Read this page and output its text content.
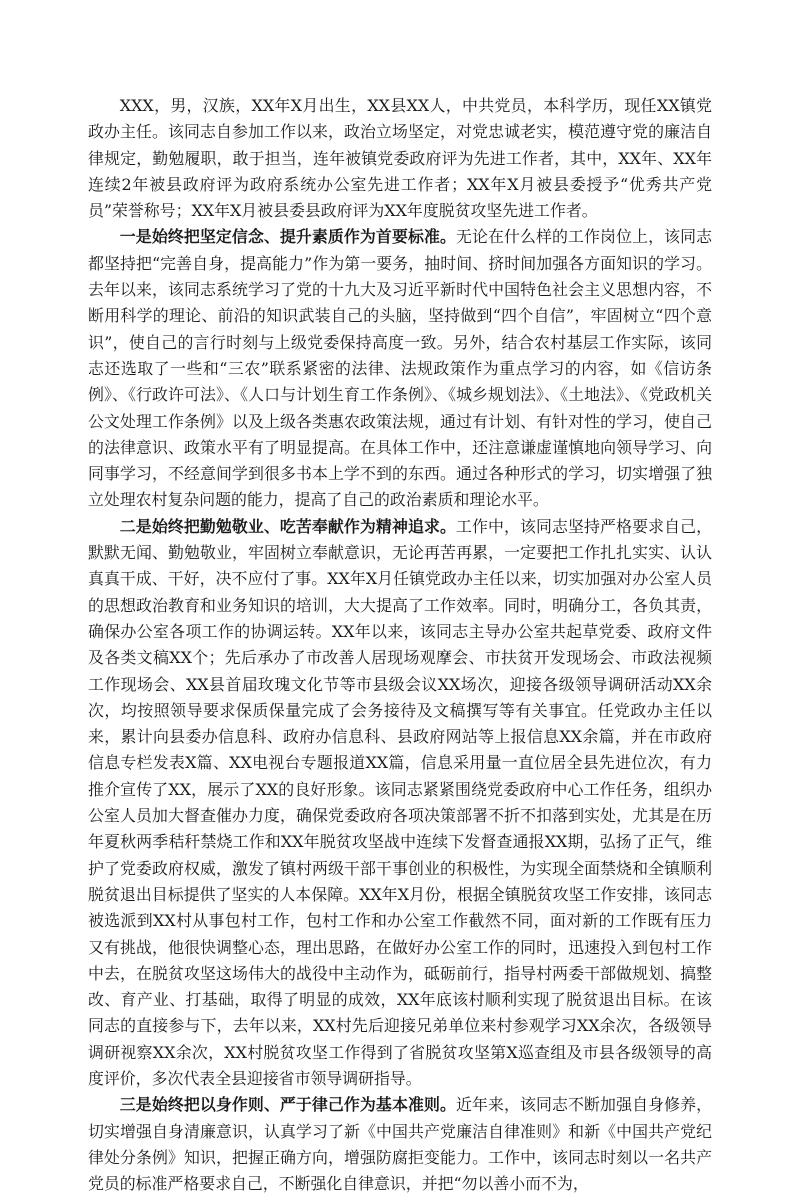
XXX，男，汉族，XX年X月出生，XX县XX人，中共党员，本科学历，现任XX镇党政办主任。该同志自参加工作以来，政治立场坚定，对党忠诚老实，模范遵守党的廉洁自律规定，勤勉履职，敢于担当，连年被镇党委政府评为先进工作者，其中，XX年、XX年连续2年被县政府评为政府系统办公室先进工作者；XX年X月被县委授予“优秀共产党员”荣誉称号；XX年X月被县委县政府评为XX年度脱贫攻坚先进工作者。

一是始终把坚定信念、提升素质作为首要标准。无论在什么样的工作岗位上，该同志都坚持把“完善自身，提高能力”作为第一要务，抽时间、挤时间加强各方面知识的学习。去年以来，该同志系统学习了党的十九大及习近平新时代中国特色社会主义思想内容，不断用科学的理论、前沿的知识武装自己的头脑，坚持做到“四个自信”，牢固树立“四个意识”，使自己的言行时刻与上级党委保持高度一致。另外，结合农村基层工作实际，该同志还选取了一些和“三农”联系紧密的法律、法规政策作为重点学习的内容，如《信访条例》、《行政许可法》、《人口与计划生育工作条例》、《城乡规划法》、《土地法》、《党政机关公文处理工作条例》以及上级各类惠农政策法规，通过有计划、有针对性的学习，使自己的法律意识、政策水平有了明显提高。在具体工作中，还注意谦虚谨慎地向领导学习、向同事学习，不经意间学到很多书本上学不到的东西。通过各种形式的学习，切实增强了独立处理农村复杂问题的能力，提高了自己的政治素质和理论水平。

二是始终把勤勉敬业、吃苦奉献作为精神追求。工作中，该同志坚持严格要求自己，默默无闻、勤勉敬业，牢固树立奉献意识，无论再苦再累，一定要把工作扎扎实实、认认真真干成、干好，决不应付了事。XX年X月任镇党政办主任以来，切实加强对办公室人员的思想政治教育和业务知识的培训，大大提高了工作效率。同时，明确分工，各负其责，确保办公室各项工作的协调运转。XX年以来，该同志主导办公室共起草党委、政府文件及各类文稿XX个；先后承办了市改善人居现场观摩会、市扶贫开发现场会、市政法视频工作现场会、XX县首届玫瑰文化节等市县级会议XX场次，迎接各级领导调研活动XX余次，均按照领导要求保质保量完成了会务接待及文稿撰写等有关事宜。任党政办主任以来，累计向县委办信息科、政府办信息科、县政府网站等上报信息XX余篇，并在市政府信息专栏发表X篇、XX电视台专题报道XX篇，信息采用量一直位居全县先进位次，有力推介宣传了XX，展示了XX的良好形象。该同志紧紧围绕党委政府中心工作任务，组织办公室人员加大督查催办力度，确保党委政府各项决策部署不折不扣落到实处，尤其是在历年夏秋两季秸秆禁烧工作和XX年脱贫攻坚战中连续下发督查通报XX期，弘扬了正气，维护了党委政府权威，激发了镇村两级干部干事创业的积极性，为实现全面禁烧和全镇顺利脱贫退出目标提供了坚实的人本保障。XX年X月份，根据全镇脱贫攻坚工作安排，该同志被选派到XX村从事包村工作，包村工作和办公室工作截然不同，面对新的工作既有压力又有挑战，他很快调整心态，理出思路，在做好办公室工作的同时，迅速投入到包村工作中去，在脱贫攻坚这场伟大的战役中主动作为，砥砺前行，指导村两委干部做规划、搞整改、育产业、打基础，取得了明显的成效，XX年底该村顺利实现了脱贫退出目标。在该同志的直接参与下，去年以来，XX村先后迎接兄弟单位来村参观学习XX余次，各级领导调研视察XX余次，XX村脱贫攻坚工作得到了省脱贫攻坚第X巡查组及市县各级领导的高度评价，多次代表全县迎接省市领导调研指导。

三是始终把以身作则、严于律己作为基本准则。近年来，该同志不断加强自身修养，切实增强自身清廉意识，认真学习了新《中国共产党廉洁自律准则》和新《中国共产党纪律处分条例》知识，把握正确方向，增强防腐拒变能力。工作中，该同志时刻以一名共产党员的标准严格要求自己，不断强化自律意识，并把“勿以善小而不为，
